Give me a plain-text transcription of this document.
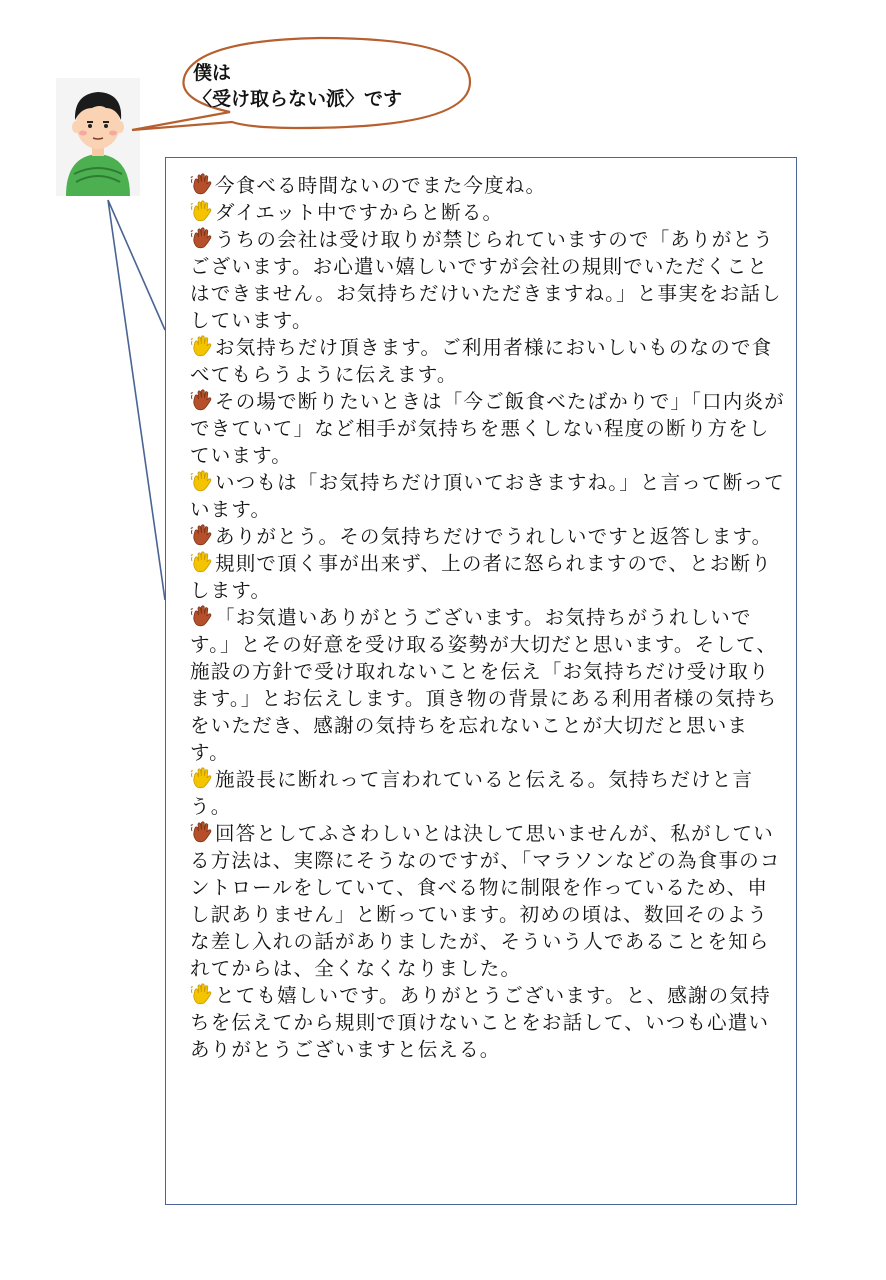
僕は
〈受け取らない派〉です

今食べる時間ないのでまた今度ね。

ダイエット中ですからと断る。

うちの会社は受け取りが禁じられていますので「ありがとうございます。お心遣い嬉しいですが会社の規則でいただくことはできません。お気持ちだけいただきますね。」と事実をお話ししています。

お気持ちだけ頂きます。ご利用者様においしいものなので食べてもらうように伝えます。

その場で断りたいときは「今ご飯食べたばかりで」「口内炎ができていて」など相手が気持ちを悪くしない程度の断り方をしています。

いつもは「お気持ちだけ頂いておきますね。」と言って断っています。

ありがとう。その気持ちだけでうれしいですと返答します。

規則で頂く事が出来ず、上の者に怒られますので、とお断りします。

「お気遣いありがとうございます。お気持ちがうれしいです。」とその好意を受け取る姿勢が大切だと思います。そして、施設の方針で受け取れないことを伝え「お気持ちだけ受け取ります。」とお伝えします。頂き物の背景にある利用者様の気持ちをいただき、感謝の気持ちを忘れないことが大切だと思います。

施設長に断れって言われていると伝える。気持ちだけと言う。

回答としてふさわしいとは決して思いませんが、私がしている方法は、実際にそうなのですが、「マラソンなどの為食事のコントロールをしていて、食べる物に制限を作っているため、申し訳ありません」と断っています。初めの頃は、数回そのような差し入れの話がありましたが、そういう人であることを知られてからは、全くなくなりました。

とても嬉しいです。ありがとうございます。と、感謝の気持ちを伝えてから規則で頂けないことをお話して、いつも心遣いありがとうございますと伝える。
